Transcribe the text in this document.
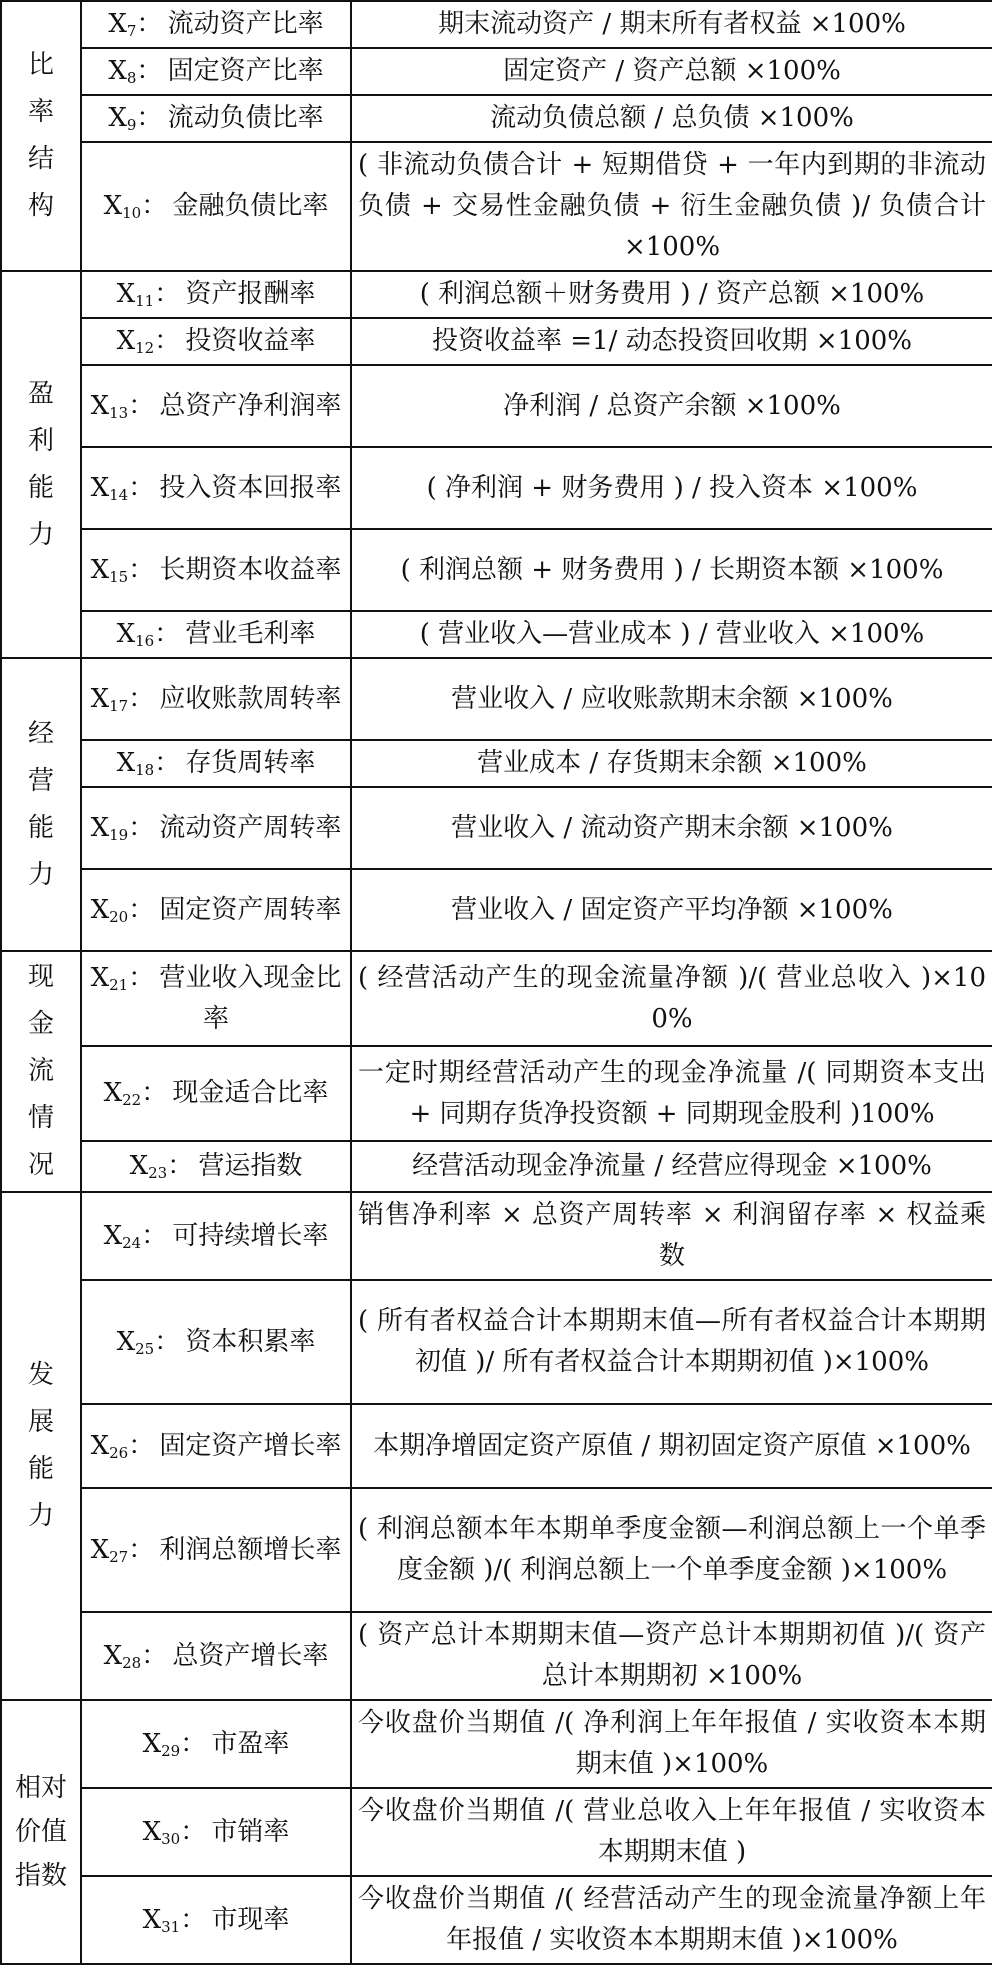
比率结构	$X_7$： 流动资产比率	期末流动资产 / 期末所有者权益 ×100%
	$X_8$： 固定资产比率	固定资产 / 资产总额 ×100%
	$X_9$： 流动负债比率	流动负债总额 / 总负债 ×100%
	$X_{10}$： 金融负债比率	( 非流动负债合计 + 短期借贷 + 一年内到期的非流动负债 + 交易性金融负债 + 衍生金融负债 )/ 负债合计 ×100%
盈利能力	$X_{11}$： 资产报酬率	( 利润总额＋财务费用 ) / 资产总额 ×100%
	$X_{12}$： 投资收益率	投资收益率 =1/ 动态投资回收期 ×100%
	$X_{13}$： 总资产净利润率	净利润 / 总资产余额 ×100%
	$X_{14}$： 投入资本回报率	( 净利润 + 财务费用 ) / 投入资本 ×100%
	$X_{15}$： 长期资本收益率	( 利润总额 + 财务费用 ) / 长期资本额 ×100%
	$X_{16}$： 营业毛利率	( 营业收入—营业成本 ) / 营业收入 ×100%
经营能力	$X_{17}$： 应收账款周转率	营业收入 / 应收账款期末余额 ×100%
	$X_{18}$： 存货周转率	营业成本 / 存货期末余额 ×100%
	$X_{19}$： 流动资产周转率	营业收入 / 流动资产期末余额 ×100%
	$X_{20}$： 固定资产周转率	营业收入 / 固定资产平均净额 ×100%
现金流情况	$X_{21}$： 营业收入现金比率	( 经营活动产生的现金流量净额 )/( 营业总收入 )×100%
	$X_{22}$： 现金适合比率	一定时期经营活动产生的现金净流量 /( 同期资本支出 + 同期存货净投资额 + 同期现金股利 )100%
	$X_{23}$： 营运指数	经营活动现金净流量 / 经营应得现金 ×100%
发展能力	$X_{24}$： 可持续增长率	销售净利率 × 总资产周转率 × 利润留存率 × 权益乘数
	$X_{25}$： 资本积累率	( 所有者权益合计本期期末值—所有者权益合计本期期初值 )/ 所有者权益合计本期期初值 )×100%
	$X_{26}$： 固定资产增长率	本期净增固定资产原值 / 期初固定资产原值 ×100%
	$X_{27}$： 利润总额增长率	( 利润总额本年本期单季度金额—利润总额上一个单季度金额 )/( 利润总额上一个单季度金额 )×100%
	$X_{28}$： 总资产增长率	( 资产总计本期期末值—资产总计本期期初值 )/( 资产总计本期期初 ×100%
相对价值指数	$X_{29}$： 市盈率	今收盘价当期值 /( 净利润上年年报值 / 实收资本本期期末值 )×100%
	$X_{30}$： 市销率	今收盘价当期值 /( 营业总收入上年年报值 / 实收资本本期期末值 )
	$X_{31}$： 市现率	今收盘价当期值 /( 经营活动产生的现金流量净额上年年报值 / 实收资本本期期末值 )×100%
